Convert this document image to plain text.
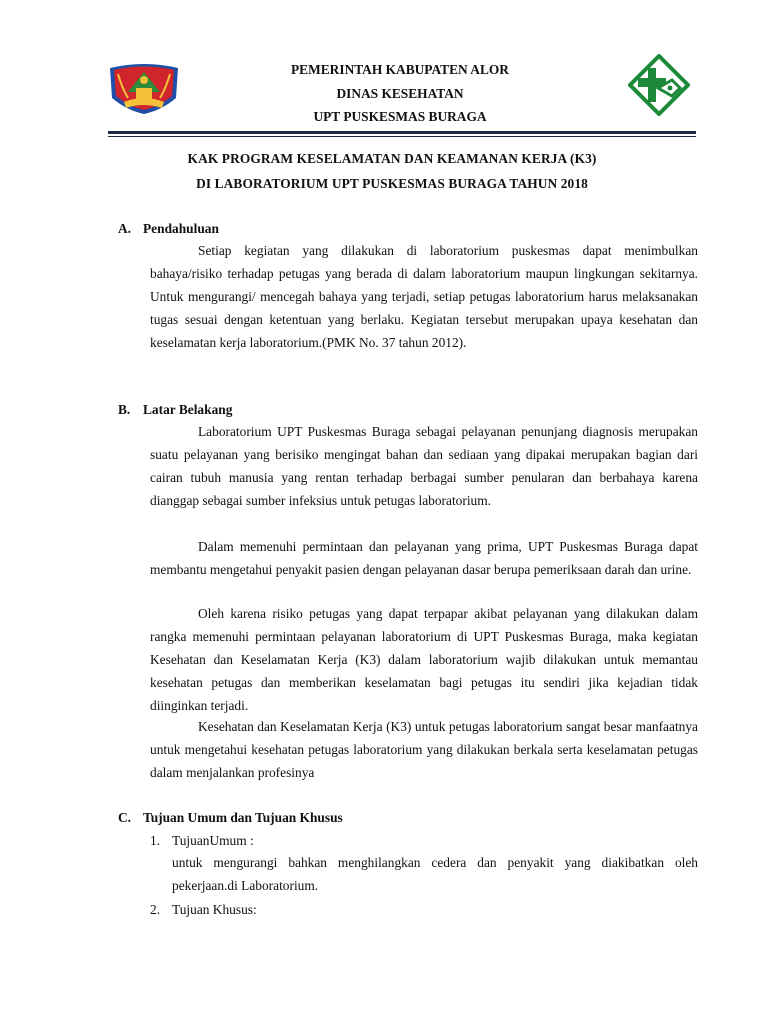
PEMERINTAH KABUPATEN ALOR
DINAS KESEHATAN
UPT PUSKESMAS BURAGA
KAK PROGRAM KESELAMATAN DAN KEAMANAN KERJA (K3)
DI LABORATORIUM UPT PUSKESMAS BURAGA TAHUN 2018
A. Pendahuluan

Setiap kegiatan yang dilakukan di laboratorium puskesmas dapat menimbulkan bahaya/risiko terhadap petugas yang berada di dalam laboratorium maupun lingkungan sekitarnya. Untuk mengurangi/ mencegah bahaya yang terjadi, setiap petugas laboratorium harus melaksanakan tugas sesuai dengan ketentuan yang berlaku. Kegiatan tersebut merupakan upaya kesehatan dan keselamatan kerja laboratorium.(PMK No. 37 tahun 2012).

B. Latar Belakang

Laboratorium UPT Puskesmas Buraga sebagai pelayanan penunjang diagnosis merupakan suatu pelayanan yang berisiko mengingat bahan dan sediaan yang dipakai merupakan bagian dari cairan tubuh manusia yang rentan terhadap berbagai sumber penularan dan berbahaya karena dianggap sebagai sumber infeksius untuk petugas laboratorium.

Dalam memenuhi permintaan dan pelayanan yang prima, UPT Puskesmas Buraga dapat membantu mengetahui penyakit pasien dengan pelayanan dasar berupa pemeriksaan darah dan urine.

Oleh karena risiko petugas yang dapat terpapar akibat pelayanan yang dilakukan dalam rangka memenuhi permintaan pelayanan laboratorium di UPT Puskesmas Buraga, maka kegiatan Kesehatan dan Keselamatan Kerja (K3) dalam laboratorium wajib dilakukan untuk memantau kesehatan petugas dan memberikan keselamatan bagi petugas itu sendiri jika kejadian tidak diinginkan terjadi.

Kesehatan dan Keselamatan Kerja (K3) untuk petugas laboratorium sangat besar manfaatnya untuk mengetahui kesehatan petugas laboratorium yang dilakukan berkala serta keselamatan petugas dalam menjalankan profesinya

C. Tujuan Umum dan Tujuan Khusus
1. TujuanUmum :

untuk mengurangi bahkan menghilangkan cedera dan penyakit yang diakibatkan oleh pekerjaan.di Laboratorium.

2. Tujuan Khusus:
